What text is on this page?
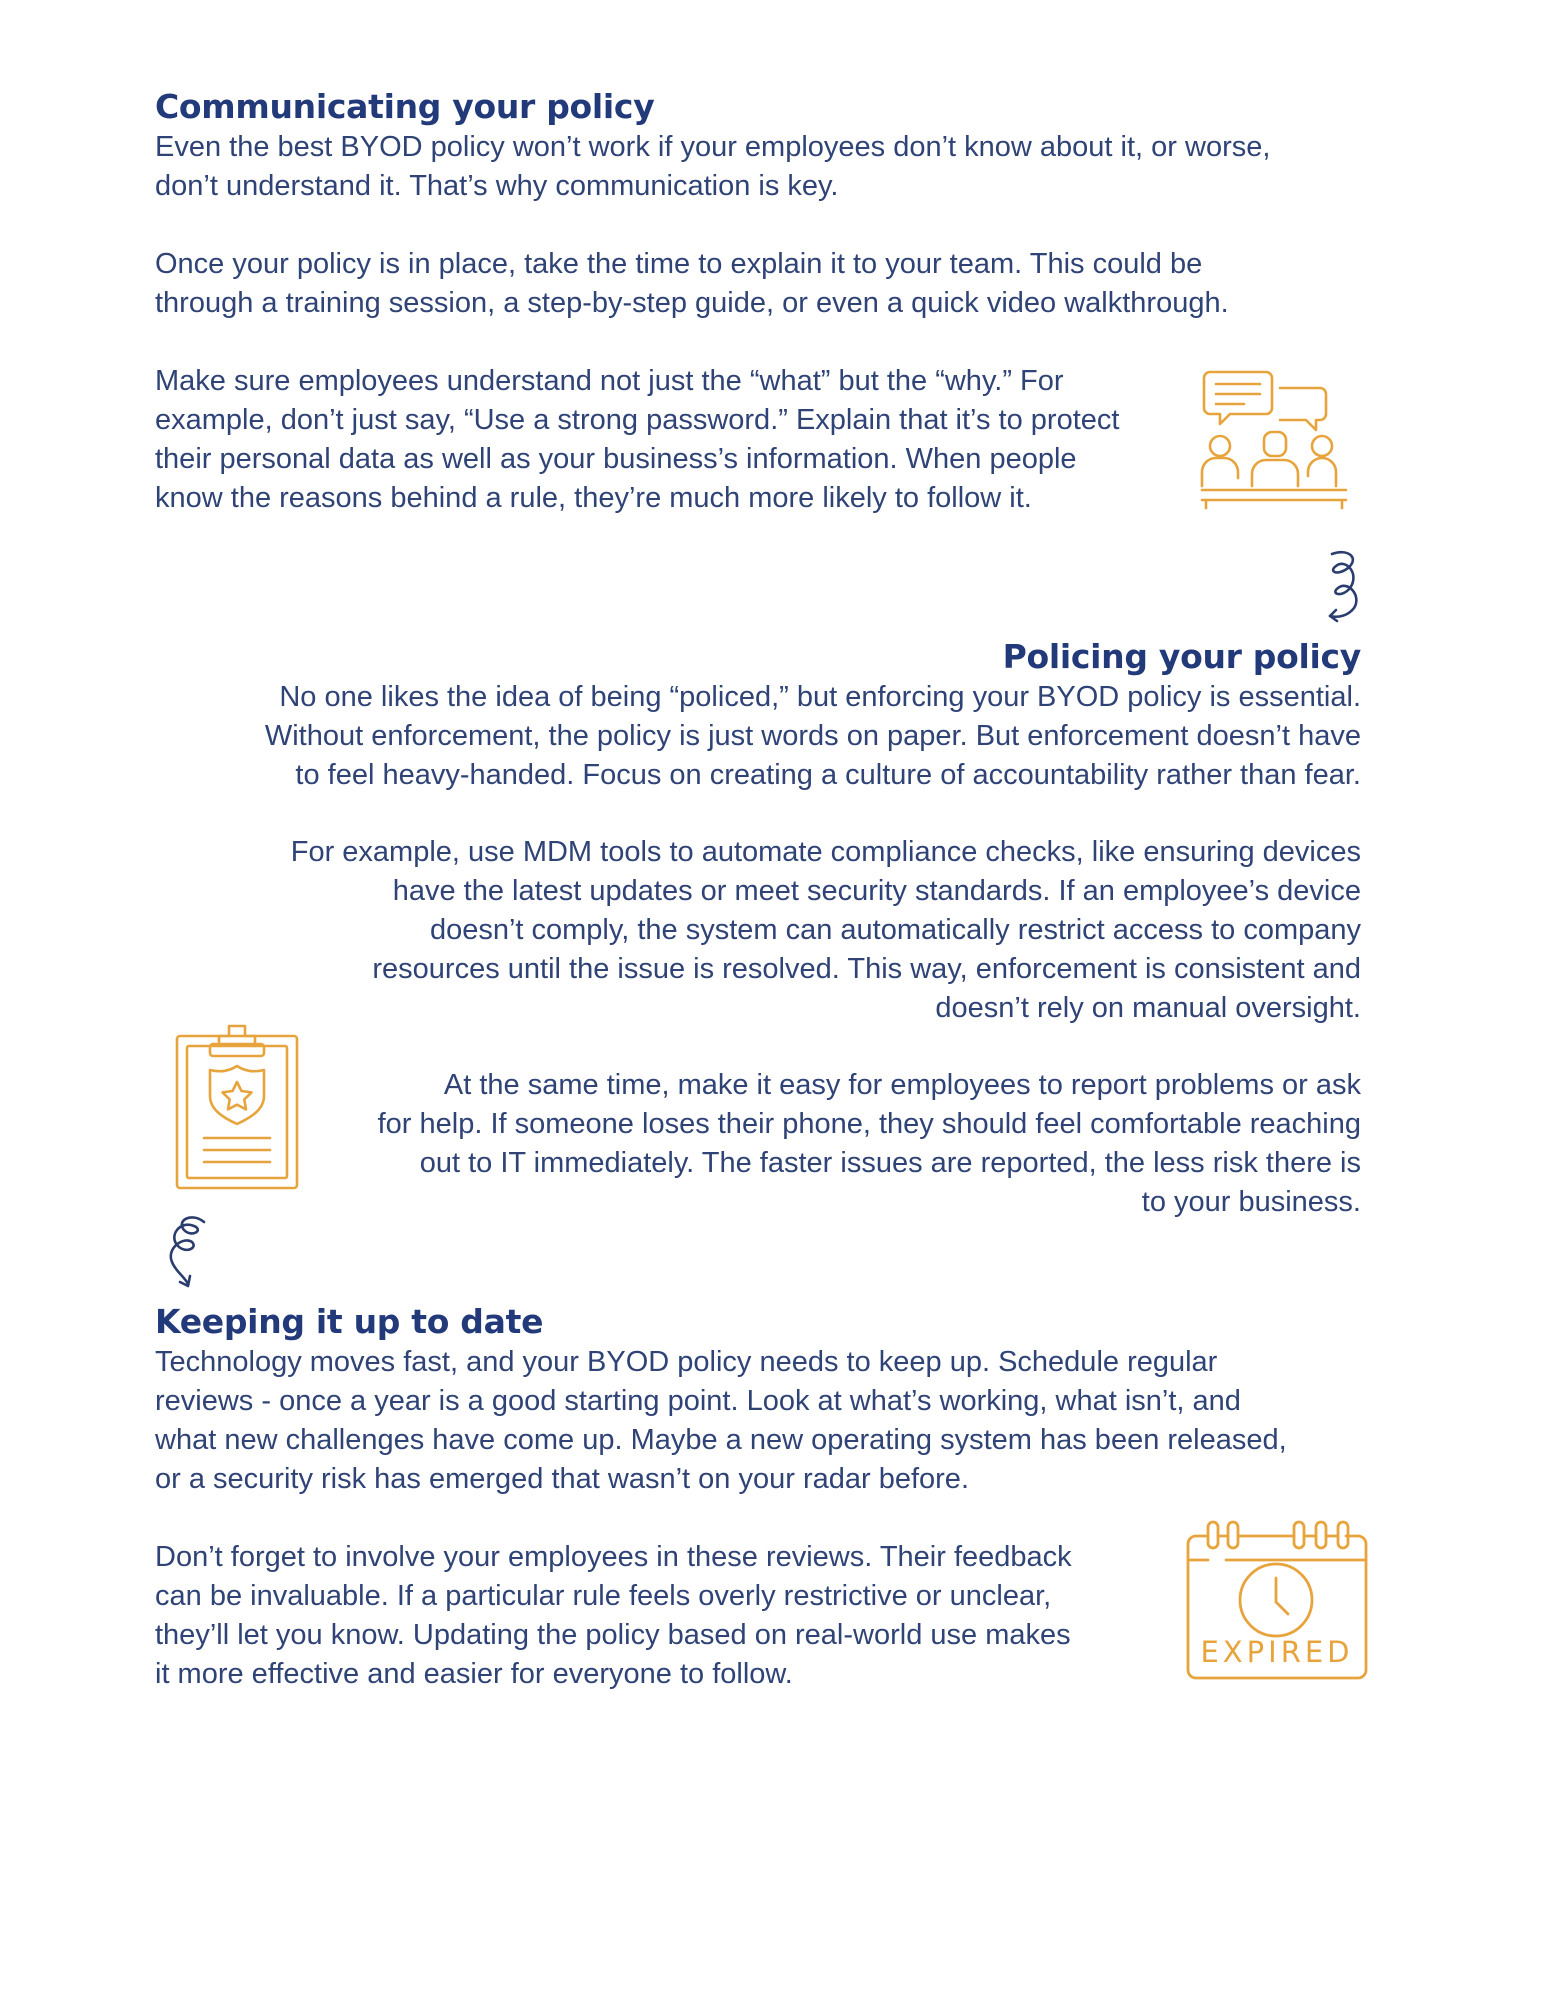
Communicating your policy

Even the best BYOD policy won’t work if your employees don’t know about it, or worse,
don’t understand it. That’s why communication is key.

Once your policy is in place, take the time to explain it to your team. This could be
through a training session, a step-by-step guide, or even a quick video walkthrough.

Make sure employees understand not just the “what” but the “why.” For
example, don’t just say, “Use a strong password.” Explain that it’s to protect
their personal data as well as your business’s information. When people
know the reasons behind a rule, they’re much more likely to follow it.

Policing your policy

No one likes the idea of being “policed,” but enforcing your BYOD policy is essential.
Without enforcement, the policy is just words on paper. But enforcement doesn’t have
to feel heavy-handed. Focus on creating a culture of accountability rather than fear.

For example, use MDM tools to automate compliance checks, like ensuring devices
have the latest updates or meet security standards. If an employee’s device
doesn’t comply, the system can automatically restrict access to company
resources until the issue is resolved. This way, enforcement is consistent and
doesn’t rely on manual oversight.

At the same time, make it easy for employees to report problems or ask
for help. If someone loses their phone, they should feel comfortable reaching
out to IT immediately. The faster issues are reported, the less risk there is
to your business.

Keeping it up to date

Technology moves fast, and your BYOD policy needs to keep up. Schedule regular
reviews - once a year is a good starting point. Look at what’s working, what isn’t, and
what new challenges have come up. Maybe a new operating system has been released,
or a security risk has emerged that wasn’t on your radar before.

Don’t forget to involve your employees in these reviews. Their feedback
can be invaluable. If a particular rule feels overly restrictive or unclear,
they’ll let you know. Updating the policy based on real-world use makes
it more effective and easier for everyone to follow.

EXPIRED
